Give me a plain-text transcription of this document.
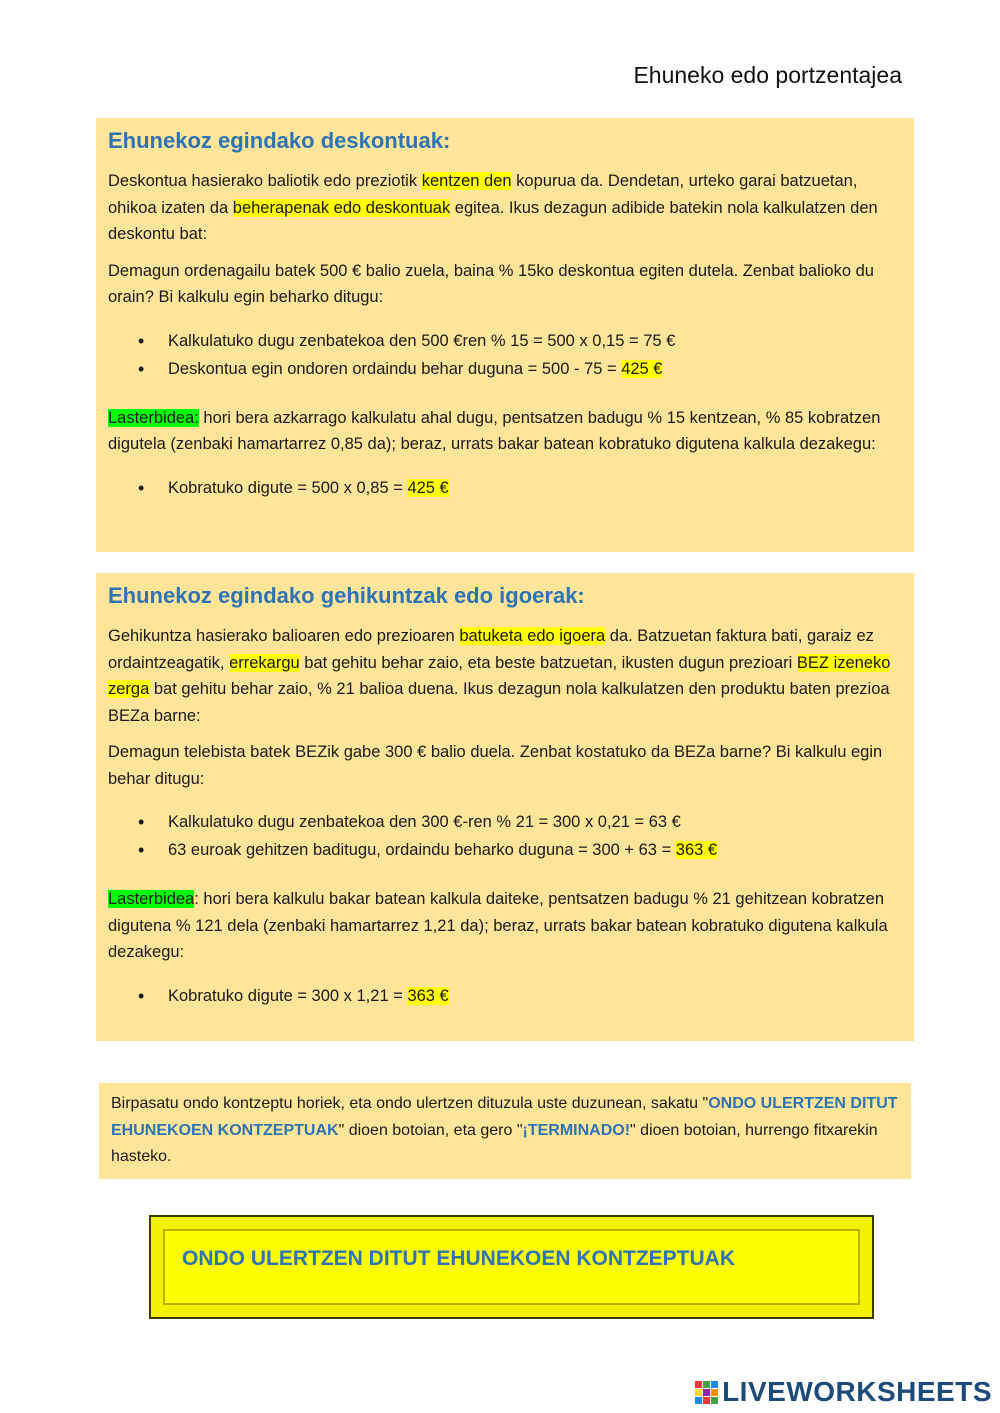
Ehuneko edo portzentajea
Ehunekoz egindako deskontuak:

Deskontua hasierako baliotik edo preziotik kentzen den kopurua da. Dendetan, urteko garai batzuetan, ohikoa izaten da beherapenak edo deskontuak egitea. Ikus dezagun adibide batekin nola kalkulatzen den deskontu bat:

Demagun ordenagailu batek 500 € balio zuela, baina % 15ko deskontua egiten dutela. Zenbat balioko du orain? Bi kalkulu egin beharko ditugu:

• Kalkulatuko dugu zenbatekoa den 500 €ren % 15 = 500 x 0,15 = 75 €
• Deskontua egin ondoren ordaindu behar duguna = 500 - 75 = 425 €

Lasterbidea: hori bera azkarrago kalkulatu ahal dugu, pentsatzen badugu % 15 kentzean, % 85 kobratzen digutela (zenbaki hamartarrez 0,85 da); beraz, urrats bakar batean kobratuko digutena kalkula dezakegu:

• Kobratuko digute = 500 x 0,85 = 425 €
Ehunekoz egindako gehikuntzak edo igoerak:

Gehikuntza hasierako balioaren edo prezioaren batuketa edo igoera da. Batzuetan faktura bati, garaiz ez ordaintzeagatik, errekargu bat gehitu behar zaio, eta beste batzuetan, ikusten dugun prezioari BEZ izeneko zerga bat gehitu behar zaio, % 21 balioa duena. Ikus dezagun nola kalkulatzen den produktu baten prezioa BEZa barne:

Demagun telebista batek BEZik gabe 300 € balio duela. Zenbat kostatuko da BEZa barne? Bi kalkulu egin behar ditugu:

• Kalkulatuko dugu zenbatekoa den 300 €-ren % 21 = 300 x 0,21 = 63 €
• 63 euroak gehitzen baditugu, ordaindu beharko duguna = 300 + 63 = 363 €

Lasterbidea: hori bera kalkulu bakar batean kalkula daiteke, pentsatzen badugu % 21 gehitzean kobratzen digutena % 121 dela (zenbaki hamartarrez 1,21 da); beraz, urrats bakar batean kobratuko digutena kalkula dezakegu:

• Kobratuko digute = 300 x 1,21 = 363 €
Birpasatu ondo kontzeptu horiek, eta ondo ulertzen dituzula uste duzunean, sakatu "ONDO ULERTZEN DITUT EHUNEKOEN KONTZEPTUAK" dioen botoian, eta gero "¡TERMINADO!" dioen botoian, hurrengo fitxarekin hasteko.
ONDO ULERTZEN DITUT EHUNEKOEN KONTZEPTUAK
LIVEWORKSHEETS
